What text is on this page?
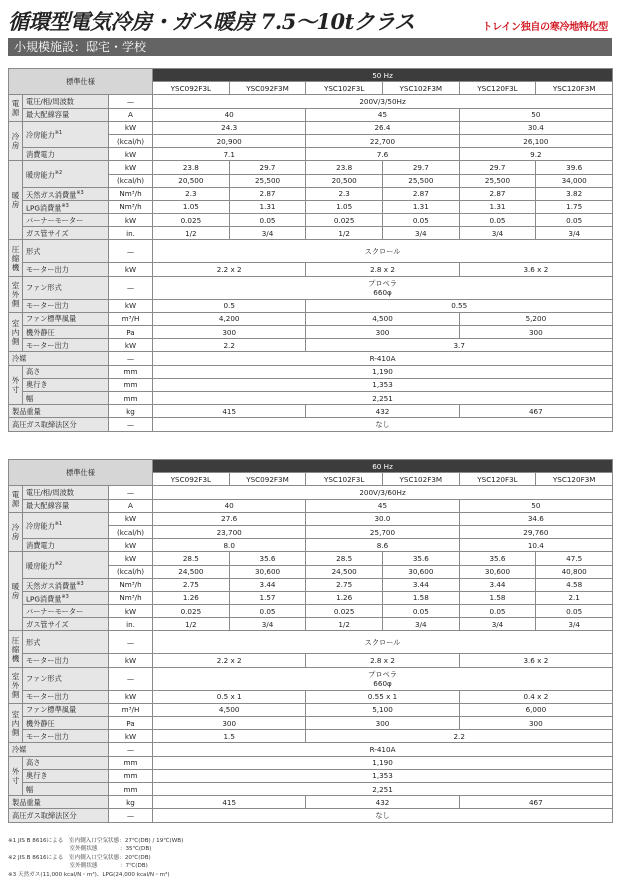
循環型電気冷房・ガス暖房 7.5〜10tクラス	トレイン独自の寒冷地特化型
小規模施設：邸宅・学校
標準仕様			50 Hz					
			YSC092F3L	YSC092F3M	YSC102F3L	YSC102F3M	YSC120F3L	YSC120F3M
電
源	電圧/相/周波数	—	200V/3/50Hz					
	最大配線容量	A	40		45		50	
冷
房	冷房能力$^{※1}$	kW	24.3		26.4		30.4	
		(kcal/h)	20,900		22,700		26,100	
	消費電力	kW	7.1		7.6		9.2	
暖
房	暖房能力$^{※2}$	kW	23.8	29.7	23.8	29.7	29.7	39.6
		(kcal/h)	20,500	25,500	20,500	25,500	25,500	34,000
	天然ガス消費量$^{※3}$	Nm³/h	2.3	2.87	2.3	2.87	2.87	3.82
	LPG消費量$^{※3}$	Nm³/h	1.05	1.31	1.05	1.31	1.31	1.75
	バーナーモーター	kW	0.025	0.05	0.025	0.05	0.05	0.05
	ガス管サイズ	in.	1/2	3/4	1/2	3/4	3/4	3/4
圧
縮
機	形式	—	スクロール					
	モーター出力	kW	2.2 x 2		2.8 x 2		3.6 x 2	
室
外
側	ファン形式	—	プロペラ
660φ					
	モーター出力	kW	0.5		0.55			
室
内
側	ファン標準風量	m³/H	4,200		4,500		5,200	
	機外静圧	Pa	300		300		300	
	モーター出力	kW	2.2		3.7			
冷媒		—	R-410A					
外
寸	高さ	mm	1,190					
	奥行き	mm	1,353					
	幅	mm	2,251					
製品重量		kg	415		432		467	
高圧ガス取締法区分		—	なし					
標準仕様			60 Hz					
			YSC092F3L	YSC092F3M	YSC102F3L	YSC102F3M	YSC120F3L	YSC120F3M
電
源	電圧/相/周波数	—	200V/3/60Hz					
	最大配線容量	A	40		45		50	
冷
房	冷房能力$^{※1}$	kW	27.6		30.0		34.6	
		(kcal/h)	23,700		25,700		29,760	
	消費電力	kW	8.0		8.6		10.4	
暖
房	暖房能力$^{※2}$	kW	28.5	35.6	28.5	35.6	35.6	47.5
		(kcal/h)	24,500	30,600	24,500	30,600	30,600	40,800
	天然ガス消費量$^{※3}$	Nm³/h	2.75	3.44	2.75	3.44	3.44	4.58
	LPG消費量$^{※3}$	Nm³/h	1.26	1.57	1.26	1.58	1.58	2.1
	バーナーモーター	kW	0.025	0.05	0.025	0.05	0.05	0.05
	ガス管サイズ	in.	1/2	3/4	1/2	3/4	3/4	3/4
圧
縮
機	形式	—	スクロール					
	モーター出力	kW	2.2 x 2		2.8 x 2		3.6 x 2	
室
外
側	ファン形式	—	プロペラ
660φ					
	モーター出力	kW	0.5 x 1		0.55 x 1		0.4 x 2	
室
内
側	ファン標準風量	m³/H	4,500		5,100		6,000	
	機外静圧	Pa	300		300		300	
	モーター出力	kW	1.5		2.2			
冷媒		—	R-410A					
外
寸	高さ	mm	1,190					
	奥行き	mm	1,353					
	幅	mm	2,251					
製品重量		kg	415		432		467	
高圧ガス取締法区分		—	なし					
※1 JIS B 8616による　室内側入口空気状態：27℃(DB) / 19℃(WB)
　　　　　　　　　　　室外側状態　　　　：35℃(DB)
※2 JIS B 8616による　室内側入口空気状態：20℃(DB)
　　　　　　　　　　　室外側状態　　　　：7℃(DB)
※3 天然ガス(11,000 kcal/N・m³)、LPG(24,000 kcal/N・m³)
